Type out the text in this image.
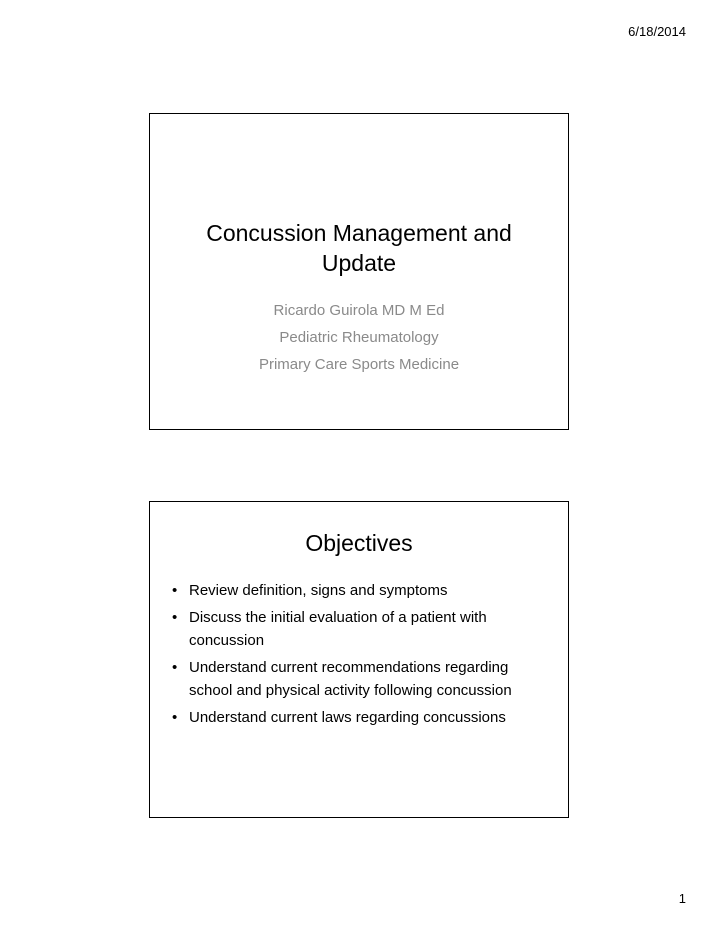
6/18/2014
Concussion Management and Update
Ricardo Guirola MD M Ed
Pediatric Rheumatology
Primary Care Sports Medicine
Objectives
• Review definition, signs and symptoms
• Discuss the initial evaluation of a patient with concussion
• Understand current recommendations regarding school and physical activity following concussion
• Understand current laws regarding concussions
1
